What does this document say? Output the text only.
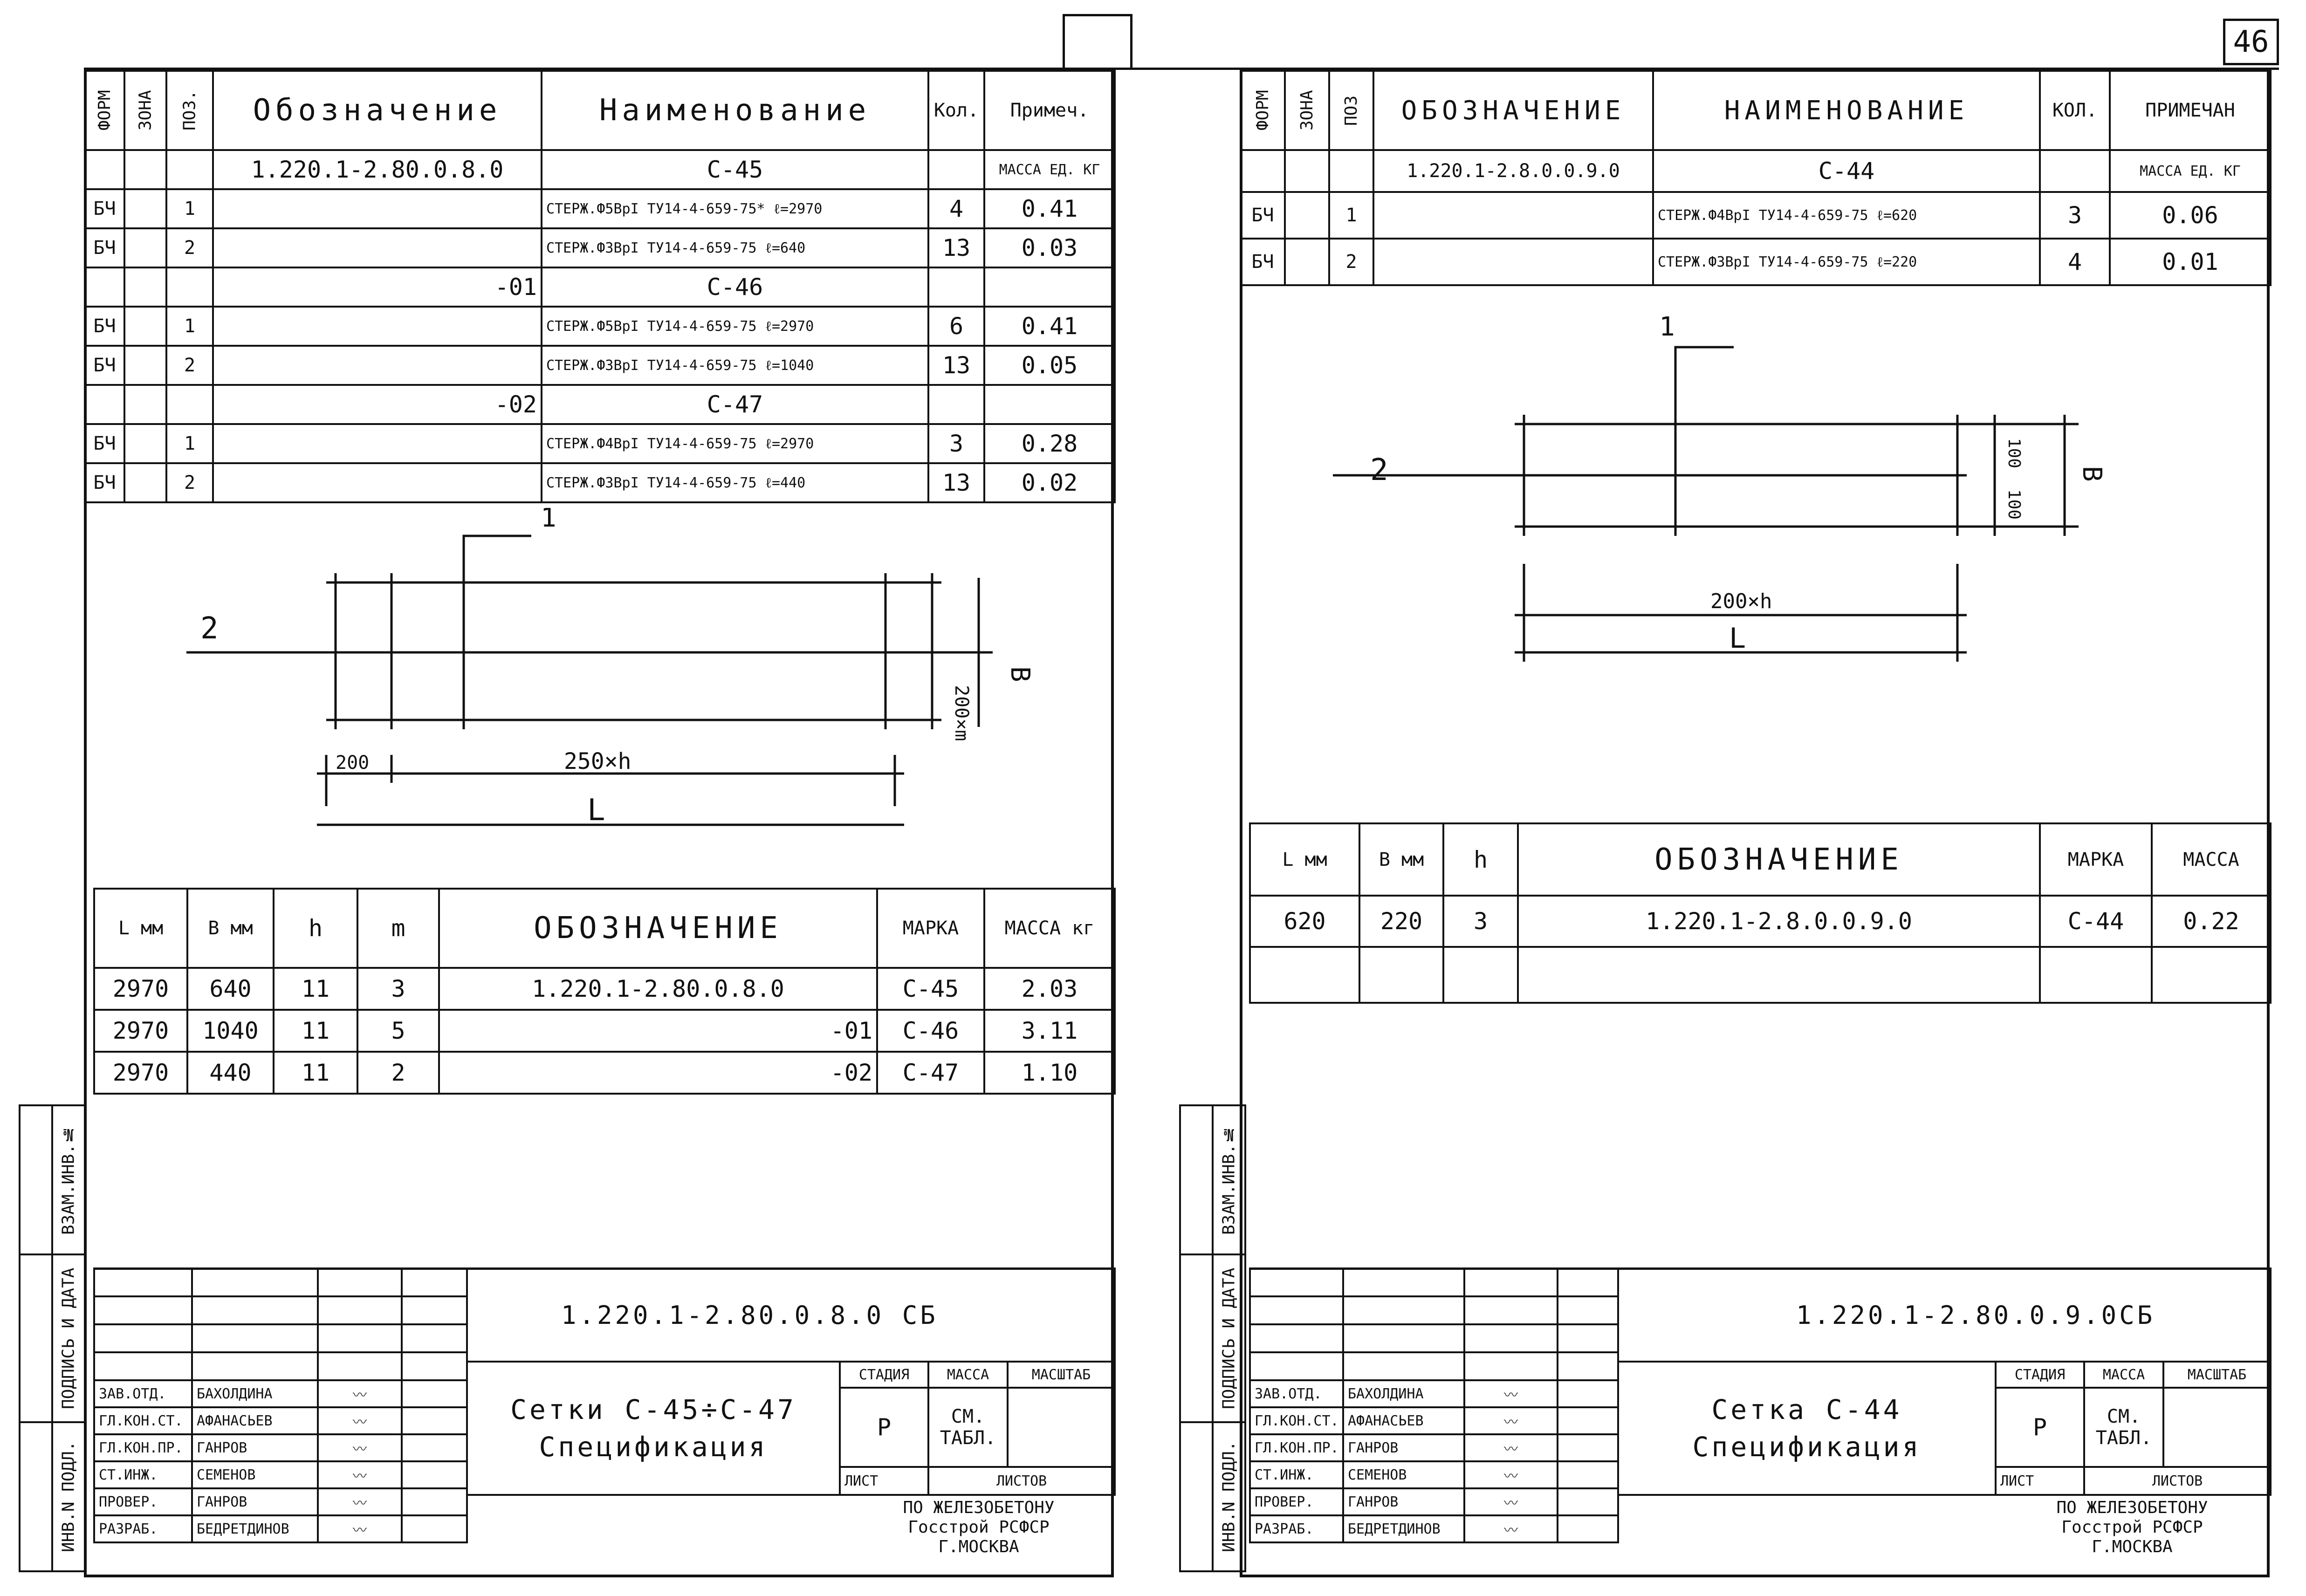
46
ФОРМ	ЗОНА	ПОЗ.	Обозначение	Наименование	Кол.	Примеч.
			1.220.1-2.80.0.8.0	С-45		МАССА ЕД. КГ
БЧ		1		СТЕРЖ.Ф5ВрІ ТУ14-4-659-75* ℓ=2970	4	0.41
БЧ		2		СТЕРЖ.Ф3ВрІ ТУ14-4-659-75 ℓ=640	13	0.03
			-01	С-46		
БЧ		1		СТЕРЖ.Ф5ВрІ ТУ14-4-659-75 ℓ=2970	6	0.41
БЧ		2		СТЕРЖ.Ф3ВрІ ТУ14-4-659-75 ℓ=1040	13	0.05
			-02	С-47		
БЧ		1		СТЕРЖ.Ф4ВрІ ТУ14-4-659-75 ℓ=2970	3	0.28
БЧ		2		СТЕРЖ.Ф3ВрІ ТУ14-4-659-75 ℓ=440	13	0.02
1
2
200	250×h
L
200×m
В
L мм	В мм	h	m	ОБОЗНАЧЕНИЕ	МАРКА	МАССА кг
2970	640	11	3	1.220.1-2.80.0.8.0	С-45	2.03
2970	1040	11	5	-01	С-46	3.11
2970	440	11	2	-02	С-47	1.10
	ВЗАМ.ИНВ.№
	ПОДПИСЬ И ДАТА
	ИНВ.N ПОДЛ.

ЗАВ.ОТД.	БАХОЛДИНА	〰	
ГЛ.КОН.СТ.	АФАНАСЬЕВ	〰	
ГЛ.КОН.ПР.	ГАНРОВ	〰	
СТ.ИНЖ.	СЕМЕНОВ	〰	
ПРОВЕР.	ГАНРОВ	〰	
РАЗРАБ.	БЕДРЕТДИНОВ	〰	
1.220.1-2.80.0.8.0 СБ			

Сетки С-45÷С-47
Спецификация	СТАДИЯ	МАССА	МАСШТАБ
	Р	СМ. ТАБЛ.	
	ЛИСТ	ЛИСТОВ	
ПО ЖЕЛЕЗОБЕТОНУ
Госстрой РСФСР
Г.МОСКВА
ФОРМ	ЗОНА	ПОЗ	ОБОЗНАЧЕНИЕ	НАИМЕНОВАНИЕ	КОЛ.	ПРИМЕЧАН
			1.220.1-2.8.0.0.9.0	С-44		МАССА ЕД. КГ
БЧ		1		СТЕРЖ.Ф4ВрІ ТУ14-4-659-75 ℓ=620	3	0.06
БЧ		2		СТЕРЖ.Ф3ВрІ ТУ14-4-659-75 ℓ=220	4	0.01
1
2
200×h
L
100
100
В
L мм	В мм	h	ОБОЗНАЧЕНИЕ	МАРКА	МАССА
620	220	3	1.220.1-2.8.0.0.9.0	С-44	0.22

	ВЗАМ.ИНВ.№
	ПОДПИСЬ И ДАТА
	ИНВ.N ПОДЛ.

ЗАВ.ОТД.	БАХОЛДИНА	〰	
ГЛ.КОН.СТ.	АФАНАСЬЕВ	〰	
ГЛ.КОН.ПР.	ГАНРОВ	〰	
СТ.ИНЖ.	СЕМЕНОВ	〰	
ПРОВЕР.	ГАНРОВ	〰	
РАЗРАБ.	БЕДРЕТДИНОВ	〰	
1.220.1-2.80.0.9.0СБ			

Сетка С-44
Спецификация	СТАДИЯ	МАССА	МАСШТАБ
	Р	СМ. ТАБЛ.	
	ЛИСТ	ЛИСТОВ	
ПО ЖЕЛЕЗОБЕТОНУ
Госстрой РСФСР
Г.МОСКВА
